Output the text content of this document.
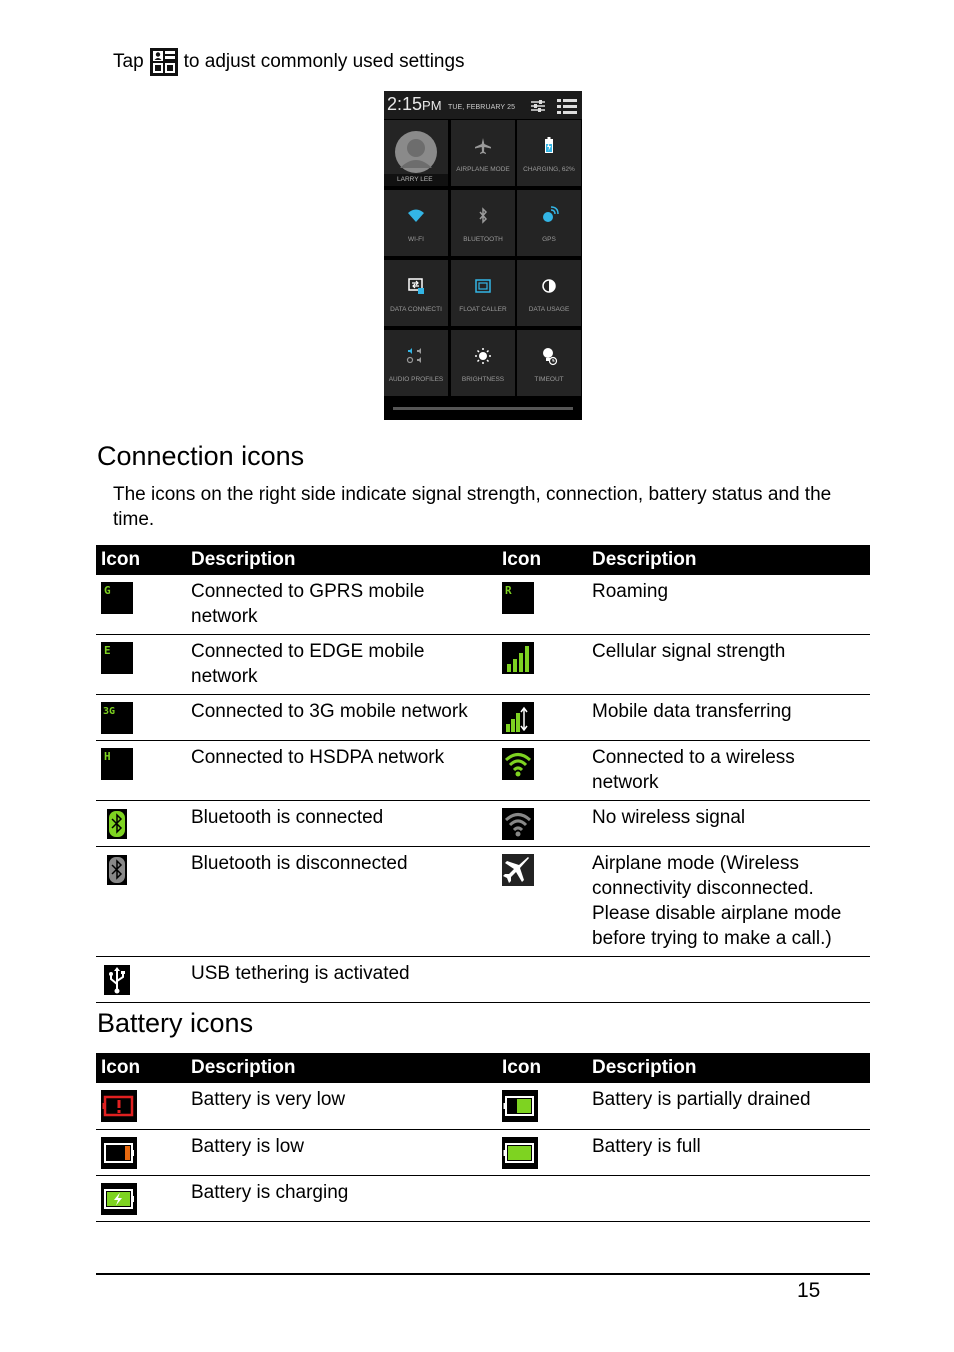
Tap to adjust commonly used settings
2:15PM TUE, FEBRUARY 25
LARRY LEE
AIRPLANE MODE	CHARGING, 62%
WI-FI	BLUETOOTH	GPS
DATA CONNECTI	FLOAT CALLER	DATA USAGE
AUDIO PROFILES	BRIGHTNESS	TIMEOUT
Connection icons
The icons on the right side indicate signal strength, connection, battery status and the time.
Icon	Description	Icon	Description

G	Connected to GPRS mobile network	R	Roaming

E	Connected to EDGE mobile network		Cellular signal strength

3G	Connected to 3G mobile network		Mobile data transferring

H	Connected to HSDPA network		Connected to a wireless network

	Bluetooth is connected		No wireless signal

	Bluetooth is disconnected		Airplane mode (Wireless connectivity disconnected. Please disable airplane mode before trying to make a call.)

	USB tethering is activated		
Battery icons
Icon	Description	Icon	Description

	Battery is very low		Battery is partially drained

	Battery is low		Battery is full

	Battery is charging		
15
